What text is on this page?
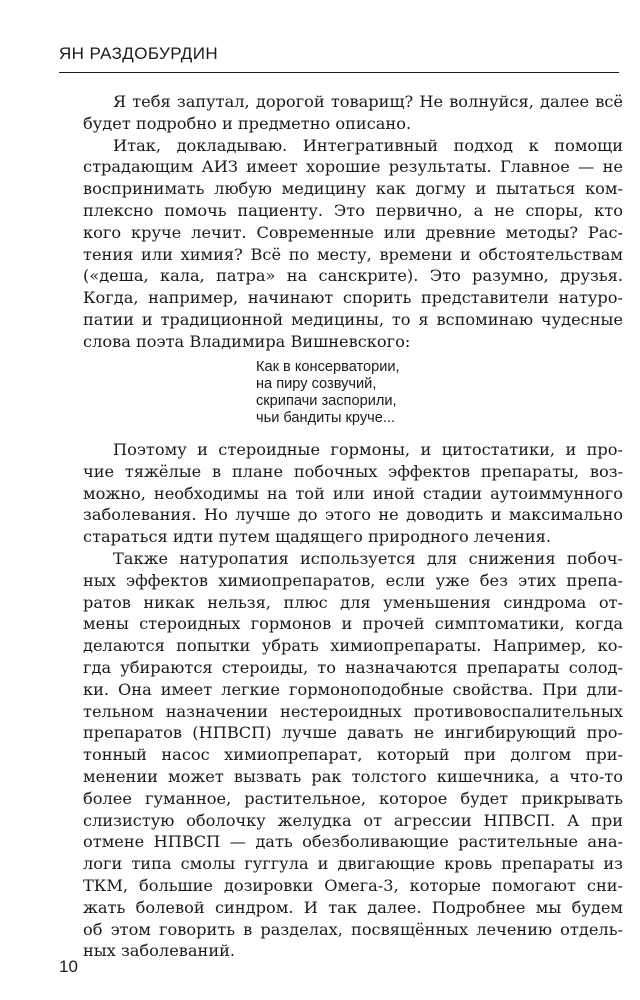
ЯН РАЗДОБУРДИН
Я тебя запутал, дорогой товарищ? Не волнуйся, далее всё
будет подробно и предметно описано.
Итак, докладываю. Интегративный подход к помощи
страдающим АИЗ имеет хорошие результаты. Главное — не
воспринимать любую медицину как догму и пытаться ком-
плексно помочь пациенту. Это первично, а не споры, кто
кого круче лечит. Современные или древние методы? Рас-
тения или химия? Всё по месту, времени и обстоятельствам
(«деша, кала, патра» на санскрите). Это разумно, друзья.
Когда, например, начинают спорить представители натуро-
патии и традиционной медицины, то я вспоминаю чудесные
слова поэта Владимира Вишневского:
Как в консерватории,
на пиру созвучий,
скрипачи заспорили,
чьи бандиты круче...
Поэтому и стероидные гормоны, и цитостатики, и про-
чие тяжёлые в плане побочных эффектов препараты, воз-
можно, необходимы на той или иной стадии аутоиммунного
заболевания. Но лучше до этого не доводить и максимально
стараться идти путем щадящего природного лечения.
Также натуропатия используется для снижения побоч-
ных эффектов химиопрепаратов, если уже без этих препа-
ратов никак нельзя, плюс для уменьшения синдрома от-
мены стероидных гормонов и прочей симптоматики, когда
делаются попытки убрать химиопрепараты. Например, ко-
гда убираются стероиды, то назначаются препараты солод-
ки. Она имеет легкие гормоноподобные свойства. При дли-
тельном назначении нестероидных противовоспалительных
препаратов (НПВСП) лучше давать не ингибирующий про-
тонный насос химиопрепарат, который при долгом при-
менении может вызвать рак толстого кишечника, а что-то
более гуманное, растительное, которое будет прикрывать
слизистую оболочку желудка от агрессии НПВСП. А при
отмене НПВСП — дать обезболивающие растительные ана-
логи типа смолы гуггула и двигающие кровь препараты из
ТКМ, большие дозировки Омега-3, которые помогают сни-
жать болевой синдром. И так далее. Подробнее мы будем
об этом говорить в разделах, посвящённых лечению отдель-
ных заболеваний.
10
